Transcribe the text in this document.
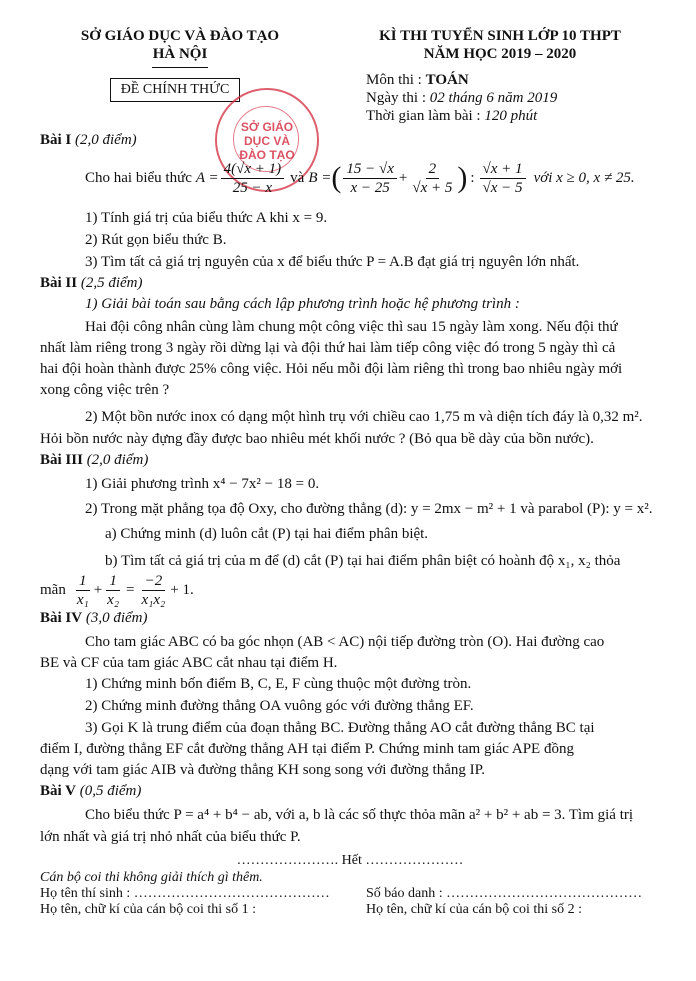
SỞ GIÁO DỤC VÀ ĐÀO TẠO
HÀ NỘI
KÌ THI TUYỂN SINH LỚP 10 THPT
NĂM HỌC 2019 – 2020
ĐỀ CHÍNH THỨC
Môn thi : TOÁN
Ngày thi : 02 tháng 6 năm 2019
Thời gian làm bài : 120 phút
SỞ GIÁO DỤC VÀ ĐÀO TẠO
Bài I (2,0 điểm)
Cho hai biểu thức $A = \frac{4(√x + 1)}{25 - x}$ và B = ( $\frac{15 - √x}{x - 25} + \frac{2}{√x + 5}$ ) : $\frac{√x + 1}{√x - 5}$ với x ≥ 0, x ≠ 25.
1) Tính giá trị của biểu thức A khi x = 9.
2) Rút gọn biểu thức B.
3) Tìm tất cả giá trị nguyên của x để biểu thức P = A.B đạt giá trị nguyên lớn nhất.
Bài II (2,5 điểm)
1) Giải bài toán sau bằng cách lập phương trình hoặc hệ phương trình :
Hai đội công nhân cùng làm chung một công việc thì sau 15 ngày làm xong. Nếu đội thứ
nhất làm riêng trong 3 ngày rồi dừng lại và đội thứ hai làm tiếp công việc đó trong 5 ngày thì cả
hai đội hoàn thành được 25% công việc. Hỏi nếu mỗi đội làm riêng thì trong bao nhiêu ngày mới
xong công việc trên ?
2) Một bồn nước inox có dạng một hình trụ với chiều cao 1,75 m và diện tích đáy là 0,32 m².
Hỏi bồn nước này đựng đầy được bao nhiêu mét khối nước ? (Bỏ qua bề dày của bồn nước).
Bài III (2,0 điểm)
1) Giải phương trình x⁴ − 7x² − 18 = 0.
2) Trong mặt phẳng tọa độ Oxy, cho đường thẳng (d): y = 2mx − m² + 1 và parabol (P): y = x².
a) Chứng minh (d) luôn cắt (P) tại hai điểm phân biệt.
b) Tìm tất cả giá trị của m để (d) cắt (P) tại hai điểm phân biệt có hoành độ x₁, x₂ thỏa
mãn $\frac{1}{\text{x₁}} + \frac{1}{\text{x₂}} = \frac{-2}{\text{x₁x₂}} + 1$.
Bài IV (3,0 điểm)
Cho tam giác ABC có ba góc nhọn (AB < AC) nội tiếp đường tròn (O). Hai đường cao
BE và CF của tam giác ABC cắt nhau tại điểm H.
1) Chứng minh bốn điểm B, C, E, F cùng thuộc một đường tròn.
2) Chứng minh đường thẳng OA vuông góc với đường thẳng EF.
3) Gọi K là trung điểm của đoạn thẳng BC. Đường thẳng AO cắt đường thẳng BC tại
điểm I, đường thẳng EF cắt đường thẳng AH tại điểm P. Chứng minh tam giác APE đồng
dạng với tam giác AIB và đường thẳng KH song song với đường thẳng IP.
Bài V (0,5 điểm)
Cho biểu thức P = a⁴ + b⁴ − ab, với a, b là các số thực thỏa mãn a² + b² + ab = 3. Tìm giá trị
lớn nhất và giá trị nhỏ nhất của biểu thức P.
…………………. Hết …………………
Cán bộ coi thi không giải thích gì thêm.
Họ tên thí sinh : ……………………………………	Số báo danh : ……………………………………
Họ tên, chữ kí của cán bộ coi thi số 1 :	Họ tên, chữ kí của cán bộ coi thi số 2 :
